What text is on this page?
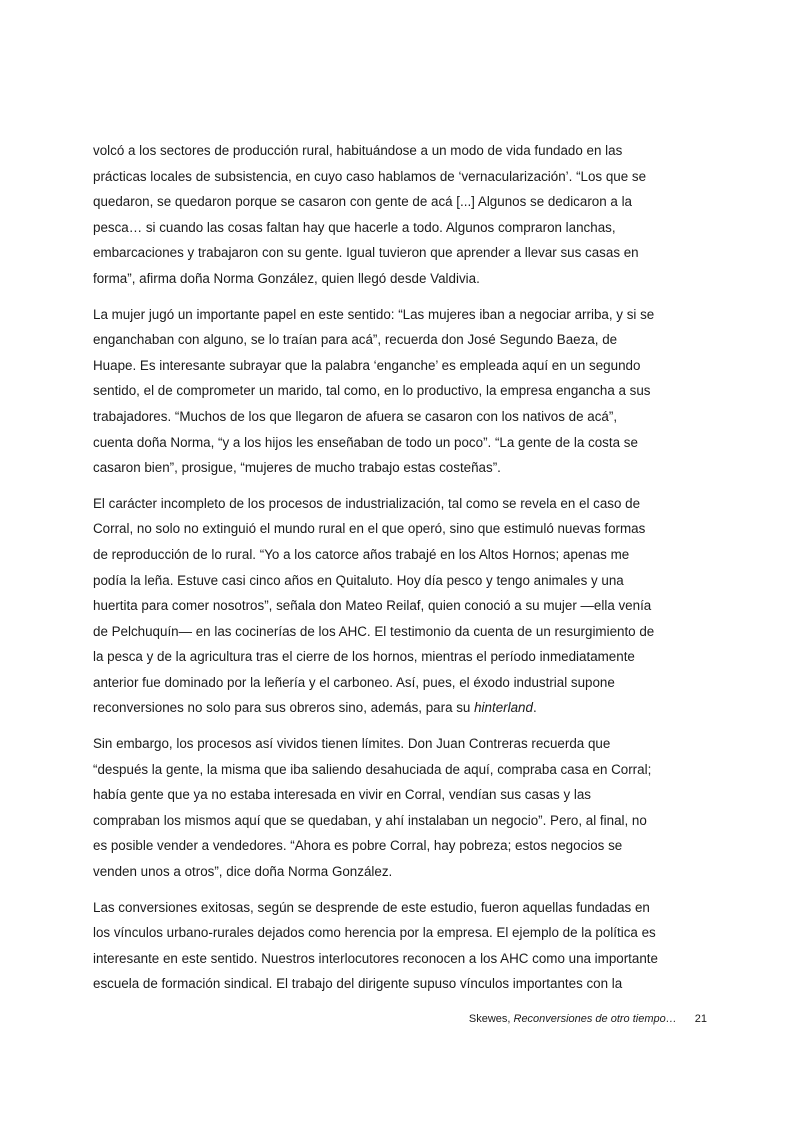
volcó a los sectores de producción rural, habituándose a un modo de vida fundado en las
prácticas locales de subsistencia, en cuyo caso hablamos de ‘vernacularización’. “Los que se
quedaron, se quedaron porque se casaron con gente de acá [...] Algunos se dedicaron a la
pesca… si cuando las cosas faltan hay que hacerle a todo. Algunos compraron lanchas,
embarcaciones y trabajaron con su gente. Igual tuvieron que aprender a llevar sus casas en
forma”, afirma doña Norma González, quien llegó desde Valdivia.

La mujer jugó un importante papel en este sentido: “Las mujeres iban a negociar arriba, y si se
enganchaban con alguno, se lo traían para acá”, recuerda don José Segundo Baeza, de
Huape. Es interesante subrayar que la palabra ‘enganche’ es empleada aquí en un segundo
sentido, el de comprometer un marido, tal como, en lo productivo, la empresa engancha a sus
trabajadores. “Muchos de los que llegaron de afuera se casaron con los nativos de acá”,
cuenta doña Norma, “y a los hijos les enseñaban de todo un poco”. “La gente de la costa se
casaron bien”, prosigue, “mujeres de mucho trabajo estas costeñas”.

El carácter incompleto de los procesos de industrialización, tal como se revela en el caso de
Corral, no solo no extinguió el mundo rural en el que operó, sino que estimuló nuevas formas
de reproducción de lo rural. “Yo a los catorce años trabajé en los Altos Hornos; apenas me
podía la leña. Estuve casi cinco años en Quitaluto. Hoy día pesco y tengo animales y una
huertita para comer nosotros”, señala don Mateo Reilaf, quien conoció a su mujer —ella venía
de Pelchuquín— en las cocinerías de los AHC. El testimonio da cuenta de un resurgimiento de
la pesca y de la agricultura tras el cierre de los hornos, mientras el período inmediatamente
anterior fue dominado por la leñería y el carboneo. Así, pues, el éxodo industrial supone
reconversiones no solo para sus obreros sino, además, para su hinterland.

Sin embargo, los procesos así vividos tienen límites. Don Juan Contreras recuerda que
“después la gente, la misma que iba saliendo desahuciada de aquí, compraba casa en Corral;
había gente que ya no estaba interesada en vivir en Corral, vendían sus casas y las
compraban los mismos aquí que se quedaban, y ahí instalaban un negocio”. Pero, al final, no
es posible vender a vendedores. “Ahora es pobre Corral, hay pobreza; estos negocios se
venden unos a otros”, dice doña Norma González.

Las conversiones exitosas, según se desprende de este estudio, fueron aquellas fundadas en
los vínculos urbano-rurales dejados como herencia por la empresa. El ejemplo de la política es
interesante en este sentido. Nuestros interlocutores reconocen a los AHC como una importante
escuela de formación sindical. El trabajo del dirigente supuso vínculos importantes con la

Skewes, Reconversiones de otro tiempo… 21
